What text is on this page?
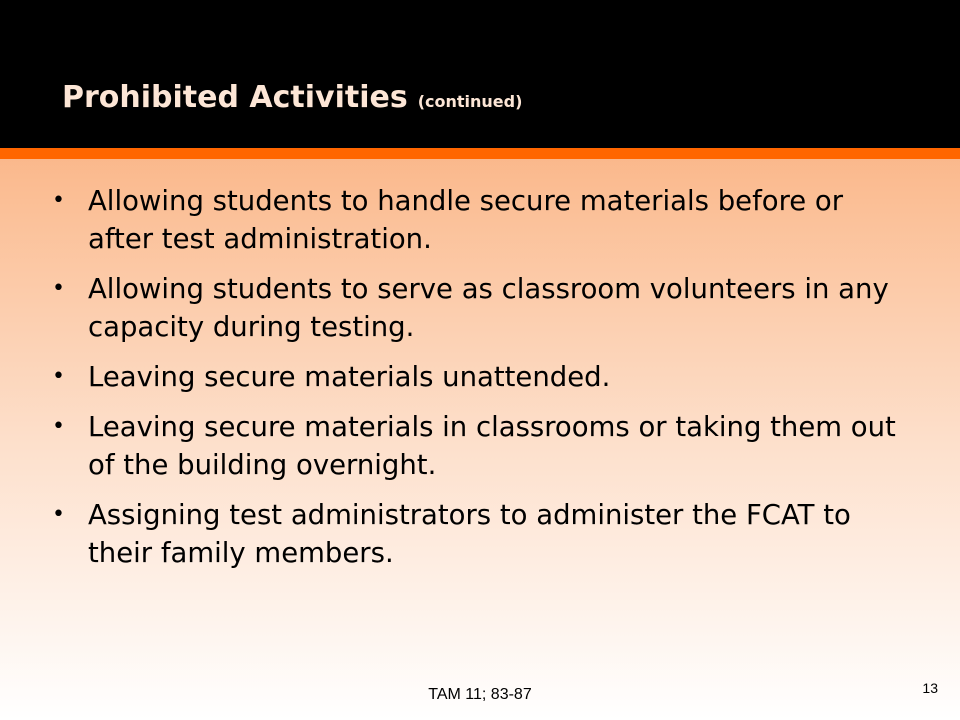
Prohibited Activities (continued)
• Allowing students to handle secure materials before or after test administration.
• Allowing students to serve as classroom volunteers in any capacity during testing.
• Leaving secure materials unattended.
• Leaving secure materials in classrooms or taking them out of the building overnight.
• Assigning test administrators to administer the FCAT to their family members.
TAM 11; 83-87	13
